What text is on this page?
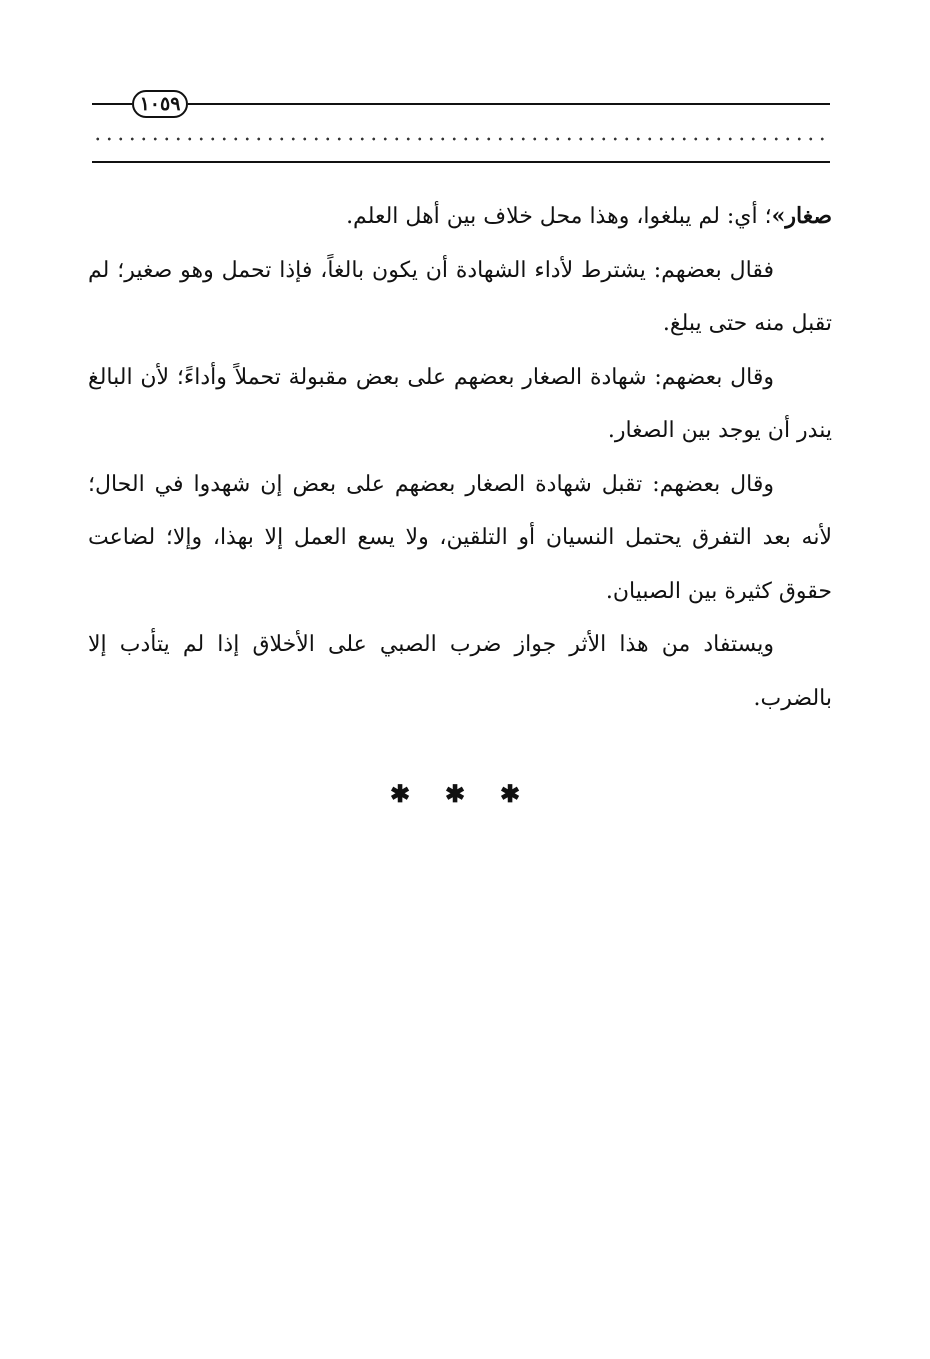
١٠٥٩

صغار»؛ أي: لم يبلغوا، وهذا محل خلاف بين أهل العلم.

فقال بعضهم: يشترط لأداء الشهادة أن يكون بالغاً، فإذا تحمل وهو صغير؛ لم تقبل منه حتى يبلغ.

وقال بعضهم: شهادة الصغار بعضهم على بعض مقبولة تحملاً وأداءً؛ لأن البالغ يندر أن يوجد بين الصغار.

وقال بعضهم: تقبل شهادة الصغار بعضهم على بعض إن شهدوا في الحال؛ لأنه بعد التفرق يحتمل النسيان أو التلقين، ولا يسع العمل إلا بهذا، وإلا؛ لضاعت حقوق كثيرة بين الصبيان.

ويستفاد من هذا الأثر جواز ضرب الصبي على الأخلاق إذا لم يتأدب إلا بالضرب.

✱	✱	✱
